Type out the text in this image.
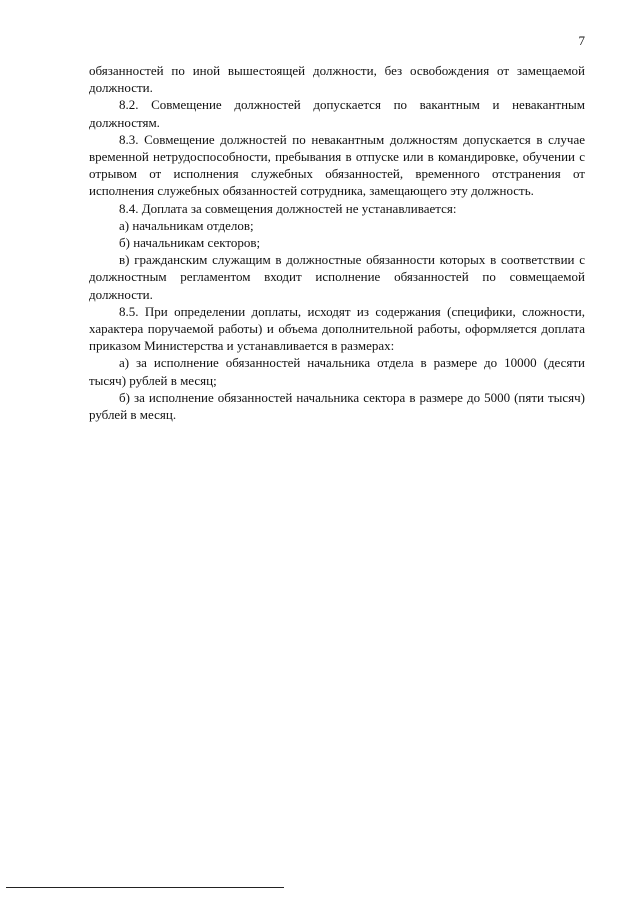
7

обязанностей по иной вышестоящей должности, без освобождения от замещаемой должности.

8.2. Совмещение должностей допускается по вакантным и невакантным должностям.

8.3. Совмещение должностей по невакантным должностям допускается в случае временной нетрудоспособности, пребывания в отпуске или в командировке, обучении с отрывом от исполнения служебных обязанностей, временного отстранения от исполнения служебных обязанностей сотрудника, замещающего эту должность.

8.4. Доплата за совмещения должностей не устанавливается:

а) начальникам отделов;

б) начальникам секторов;

в) гражданским служащим в должностные обязанности которых в соответствии с должностным регламентом входит исполнение обязанностей по совмещаемой должности.

8.5. При определении доплаты, исходят из содержания (специфики, сложности, характера поручаемой работы) и объема дополнительной работы, оформляется доплата приказом Министерства и устанавливается в размерах:

а) за исполнение обязанностей начальника отдела в размере до 10000 (десяти тысяч) рублей в месяц;

б) за исполнение обязанностей начальника сектора в размере до 5000 (пяти тысяч) рублей в месяц.
